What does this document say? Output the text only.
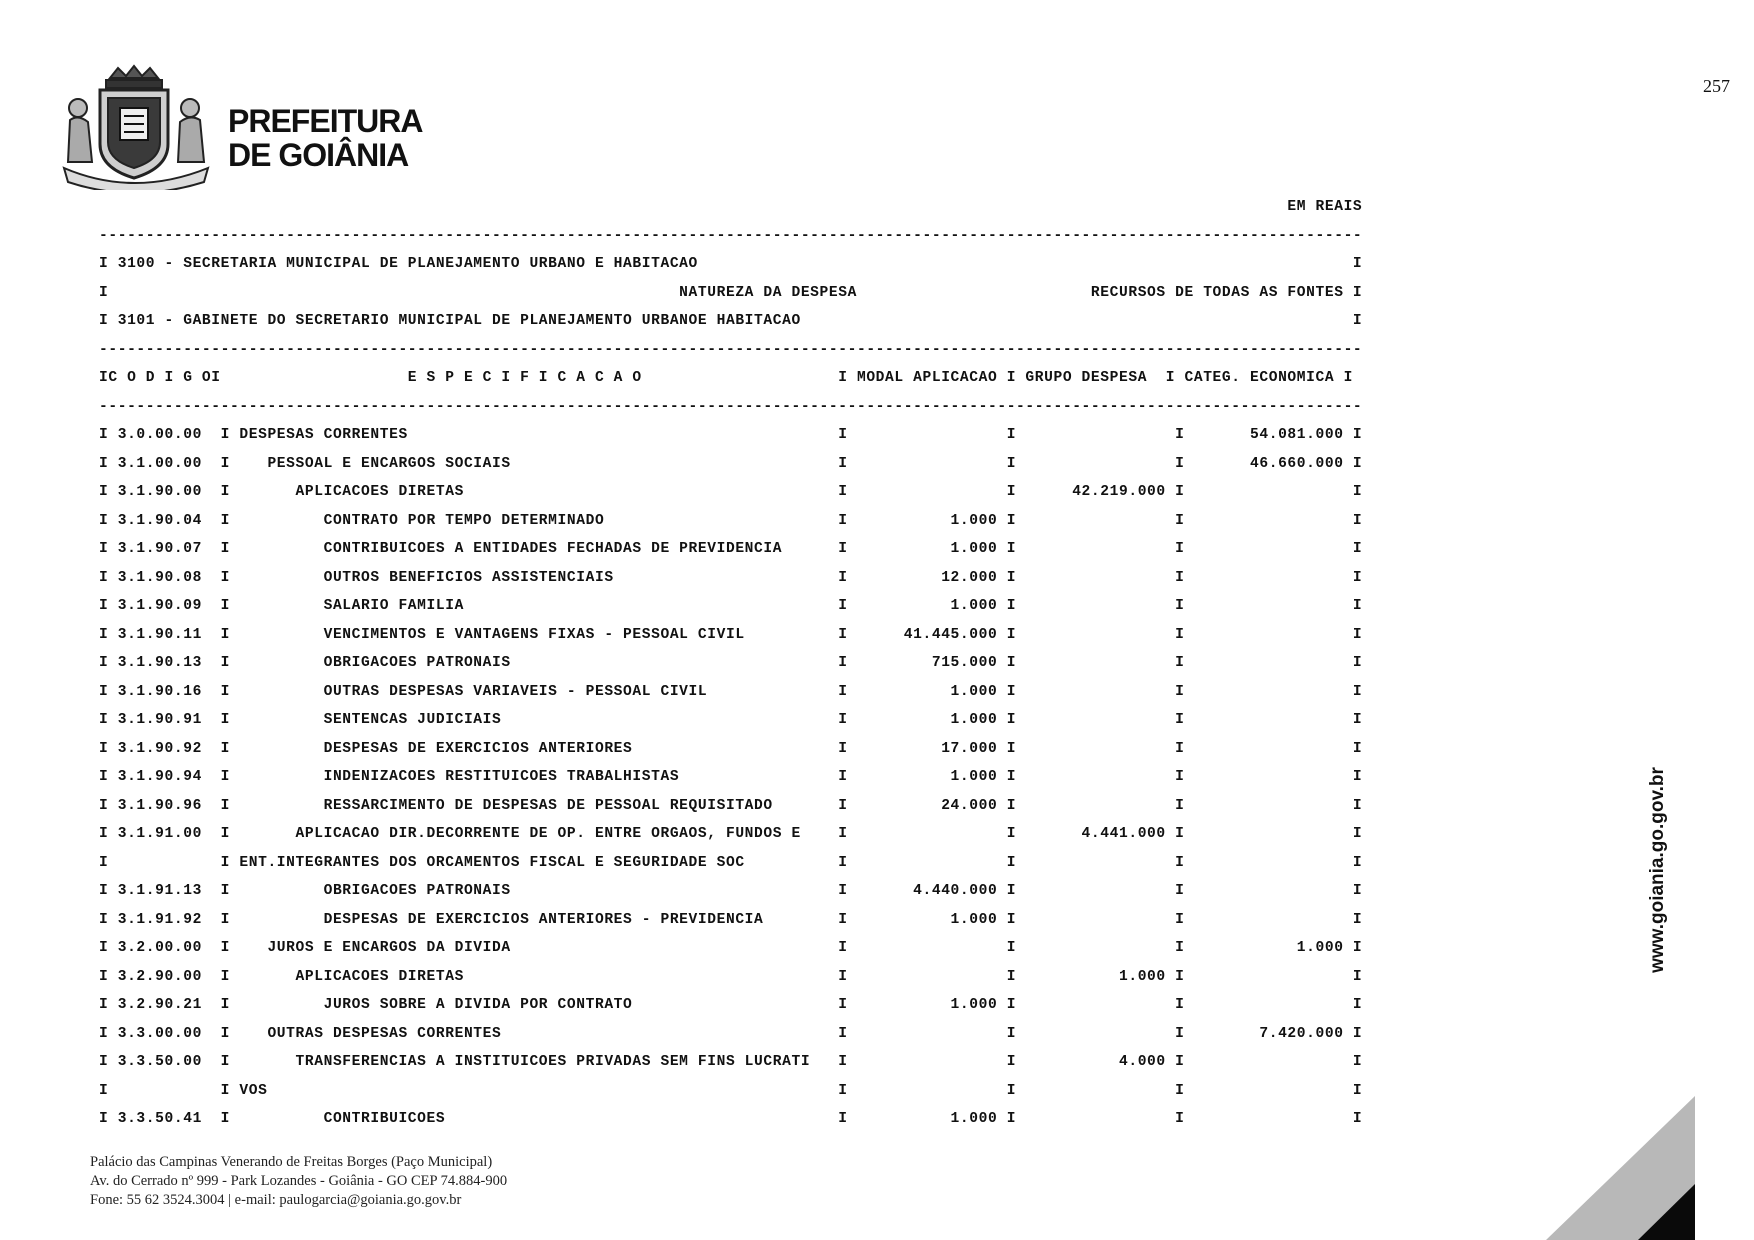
PREFEITURA
DE GOIÂNIA
257
EM REAIS
---------------------------------------------------------------------------------------------------------------------------------------
I 3100 - SECRETARIA MUNICIPAL DE PLANEJAMENTO URBANO E HABITACAO                                                                      I
I                                                             NATUREZA DA DESPESA                         RECURSOS DE TODAS AS FONTES I
I 3101 - GABINETE DO SECRETARIO MUNICIPAL DE PLANEJAMENTO URBANOE HABITACAO                                                           I
---------------------------------------------------------------------------------------------------------------------------------------
IC O D I G OI                    E S P E C I F I C A C A O                     I MODAL APLICACAO I GRUPO DESPESA  I CATEG. ECONOMICA I
---------------------------------------------------------------------------------------------------------------------------------------
I 3.0.00.00  I DESPESAS CORRENTES                                              I                 I                 I       54.081.000 I
I 3.1.00.00  I    PESSOAL E ENCARGOS SOCIAIS                                   I                 I                 I       46.660.000 I
I 3.1.90.00  I       APLICACOES DIRETAS                                        I                 I      42.219.000 I                  I
I 3.1.90.04  I          CONTRATO POR TEMPO DETERMINADO                         I           1.000 I                 I                  I
I 3.1.90.07  I          CONTRIBUICOES A ENTIDADES FECHADAS DE PREVIDENCIA      I           1.000 I                 I                  I
I 3.1.90.08  I          OUTROS BENEFICIOS ASSISTENCIAIS                        I          12.000 I                 I                  I
I 3.1.90.09  I          SALARIO FAMILIA                                        I           1.000 I                 I                  I
I 3.1.90.11  I          VENCIMENTOS E VANTAGENS FIXAS - PESSOAL CIVIL          I      41.445.000 I                 I                  I
I 3.1.90.13  I          OBRIGACOES PATRONAIS                                   I         715.000 I                 I                  I
I 3.1.90.16  I          OUTRAS DESPESAS VARIAVEIS - PESSOAL CIVIL              I           1.000 I                 I                  I
I 3.1.90.91  I          SENTENCAS JUDICIAIS                                    I           1.000 I                 I                  I
I 3.1.90.92  I          DESPESAS DE EXERCICIOS ANTERIORES                      I          17.000 I                 I                  I
I 3.1.90.94  I          INDENIZACOES RESTITUICOES TRABALHISTAS                 I           1.000 I                 I                  I
I 3.1.90.96  I          RESSARCIMENTO DE DESPESAS DE PESSOAL REQUISITADO       I          24.000 I                 I                  I
I 3.1.91.00  I       APLICACAO DIR.DECORRENTE DE OP. ENTRE ORGAOS, FUNDOS E    I                 I       4.441.000 I                  I
I            I ENT.INTEGRANTES DOS ORCAMENTOS FISCAL E SEGURIDADE SOC          I                 I                 I                  I
I 3.1.91.13  I          OBRIGACOES PATRONAIS                                   I       4.440.000 I                 I                  I
I 3.1.91.92  I          DESPESAS DE EXERCICIOS ANTERIORES - PREVIDENCIA        I           1.000 I                 I                  I
I 3.2.00.00  I    JUROS E ENCARGOS DA DIVIDA                                   I                 I                 I            1.000 I
I 3.2.90.00  I       APLICACOES DIRETAS                                        I                 I           1.000 I                  I
I 3.2.90.21  I          JUROS SOBRE A DIVIDA POR CONTRATO                      I           1.000 I                 I                  I
I 3.3.00.00  I    OUTRAS DESPESAS CORRENTES                                    I                 I                 I        7.420.000 I
I 3.3.50.00  I       TRANSFERENCIAS A INSTITUICOES PRIVADAS SEM FINS LUCRATI   I                 I           4.000 I                  I
I            I VOS                                                             I                 I                 I                  I
I 3.3.50.41  I          CONTRIBUICOES                                          I           1.000 I                 I                  I
www.goiania.go.gov.br
Palácio das Campinas Venerando de Freitas Borges (Paço Municipal)
Av. do Cerrado nº 999 - Park Lozandes - Goiânia - GO CEP 74.884-900
Fone: 55 62 3524.3004 | e-mail: paulogarcia@goiania.go.gov.br
